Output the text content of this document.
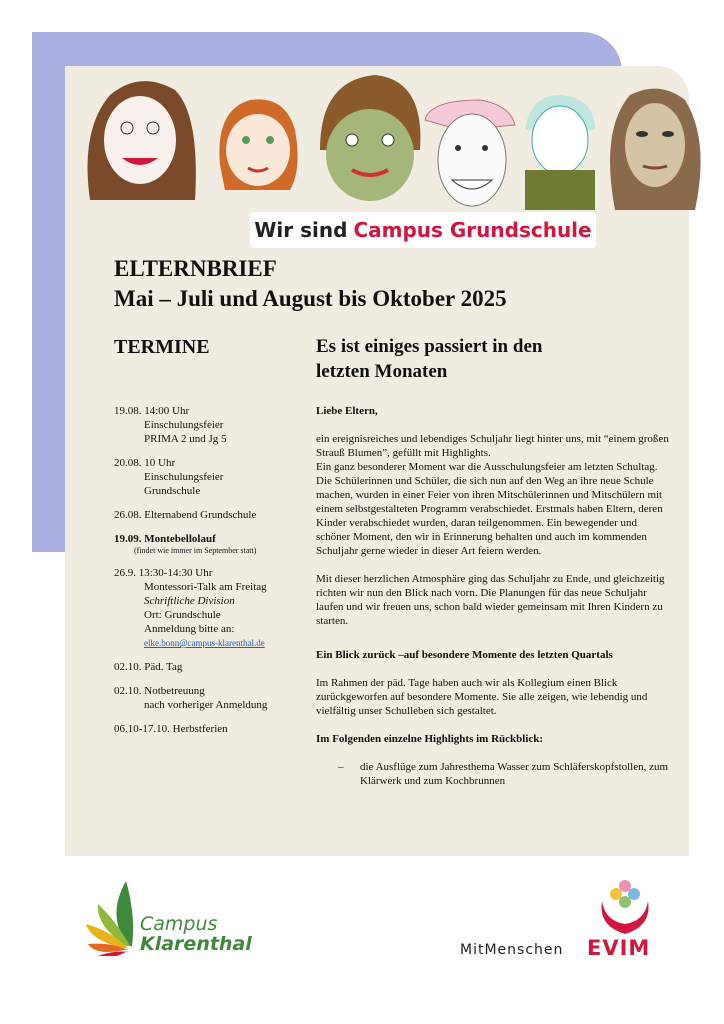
Wir sind Campus Grundschule
ELTERNBRIEF
Mai – Juli und August bis Oktober 2025
TERMINE	Es ist einiges passiert in den
letzten Monaten
19.08. 14:00 Uhr
Einschulungsfeier
PRIMA 2 und Jg 5
20.08. 10 Uhr
Einschulungsfeier
Grundschule
26.08. Elternabend Grundschule
19.09. Montebellolauf
(findet wie immer im September statt)
26.9. 13:30-14:30 Uhr
Montessori-Talk am Freitag
Schriftliche Division
Ort: Grundschule
Anmeldung bitte an:
elke.bonn@campus-klarenthal.de
02.10. Päd. Tag
02.10. Notbetreuung
nach vorheriger Anmeldung
06.10-17.10. Herbstferien

Liebe Eltern,

ein ereignisreiches und lebendiges Schuljahr liegt hinter uns, mit “einem großen Strauß Blumen”, gefüllt mit Highlights.

Ein ganz besonderer Moment war die Ausschulungsfeier am letzten Schultag. Die Schülerinnen und Schüler, die sich nun auf den Weg an ihre neue Schule machen, wurden in einer Feier von ihren Mitschülerinnen und Mitschülern mit einem selbstgestalteten Programm verabschiedet. Erstmals haben Eltern, deren Kinder verabschiedet wurden, daran teilgenommen. Ein bewegender und schöner Moment, den wir in Erinnerung behalten und auch im kommenden Schuljahr gerne wieder in dieser Art feiern werden.

Mit dieser herzlichen Atmosphäre ging das Schuljahr zu Ende, und gleichzeitig richten wir nun den Blick nach vorn. Die Planungen für das neue Schuljahr laufen und wir freuen uns, schon bald wieder gemeinsam mit Ihren Kindern zu starten.

Ein Blick zurück –auf besondere Momente des letzten Quartals

Im Rahmen der päd. Tage haben auch wir als Kollegium einen Blick zurückgeworfen auf besondere Momente. Sie alle zeigen, wie lebendig und vielfältig unser Schulleben sich gestaltet.

Im Folgenden einzelne Highlights im Rückblick:

–	die Ausflüge zum Jahresthema Wasser zum Schläferskopfstollen, zum Klärwerk und zum Kochbrunnen
Campus
Klarenthal	MitMenschen EVIM
